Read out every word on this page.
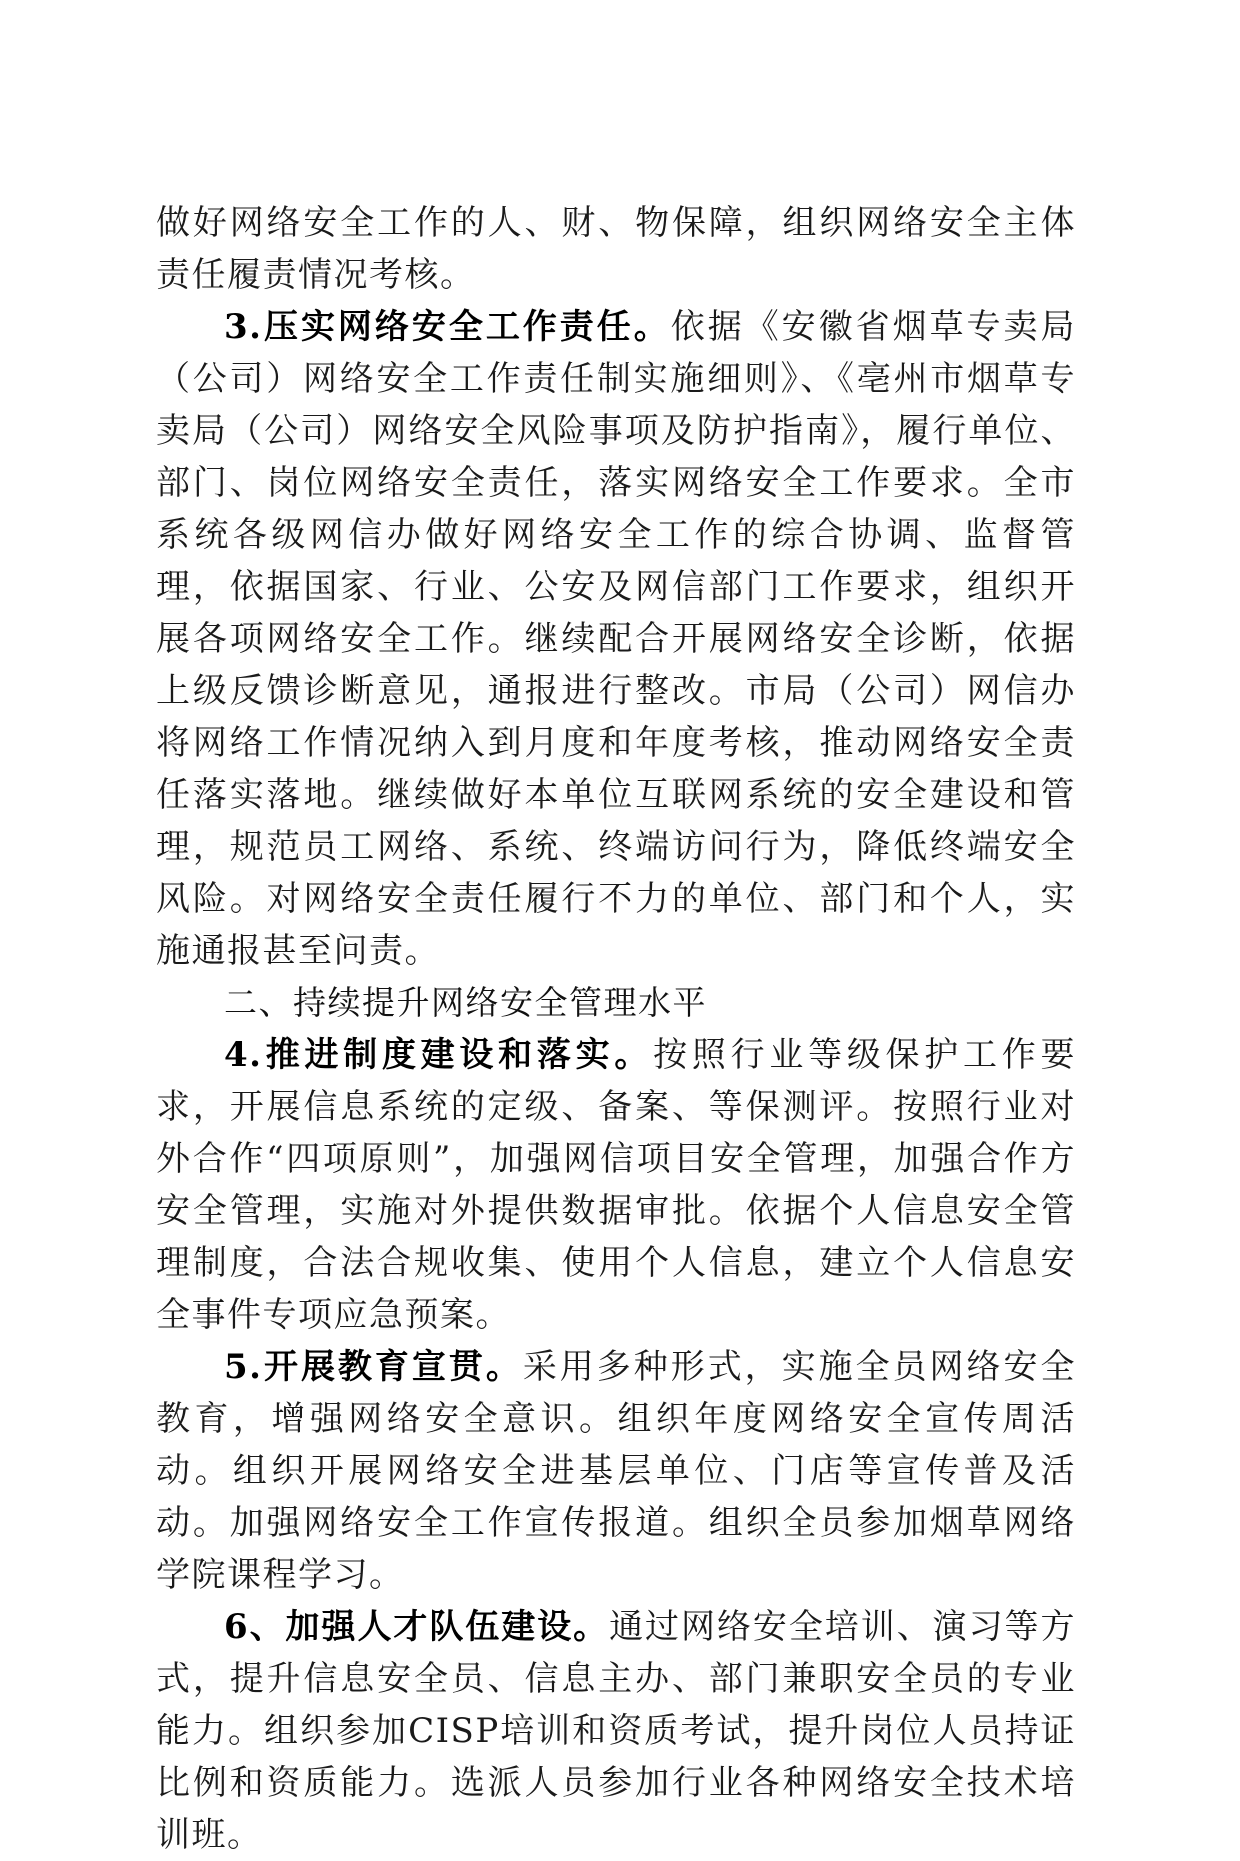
做好网络安全工作的人、财、物保障，组织网络安全主体责任履责情况考核。

3.压实网络安全工作责任。依据《安徽省烟草专卖局（公司）网络安全工作责任制实施细则》、《亳州市烟草专卖局（公司）网络安全风险事项及防护指南》，履行单位、部门、岗位网络安全责任，落实网络安全工作要求。全市系统各级网信办做好网络安全工作的综合协调、监督管理，依据国家、行业、公安及网信部门工作要求，组织开展各项网络安全工作。继续配合开展网络安全诊断，依据上级反馈诊断意见，通报进行整改。市局（公司）网信办将网络工作情况纳入到月度和年度考核，推动网络安全责任落实落地。继续做好本单位互联网系统的安全建设和管理，规范员工网络、系统、终端访问行为，降低终端安全风险。对网络安全责任履行不力的单位、部门和个人，实施通报甚至问责。

二、持续提升网络安全管理水平

4.推进制度建设和落实。按照行业等级保护工作要求，开展信息系统的定级、备案、等保测评。按照行业对外合作“四项原则”，加强网信项目安全管理，加强合作方安全管理，实施对外提供数据审批。依据个人信息安全管理制度，合法合规收集、使用个人信息，建立个人信息安全事件专项应急预案。

5.开展教育宣贯。采用多种形式，实施全员网络安全教育，增强网络安全意识。组织年度网络安全宣传周活动。组织开展网络安全进基层单位、门店等宣传普及活动。加强网络安全工作宣传报道。组织全员参加烟草网络学院课程学习。

6、加强人才队伍建设。通过网络安全培训、演习等方式，提升信息安全员、信息主办、部门兼职安全员的专业能力。组织参加CISP培训和资质考试，提升岗位人员持证比例和资质能力。选派人员参加行业各种网络安全技术培训班。
